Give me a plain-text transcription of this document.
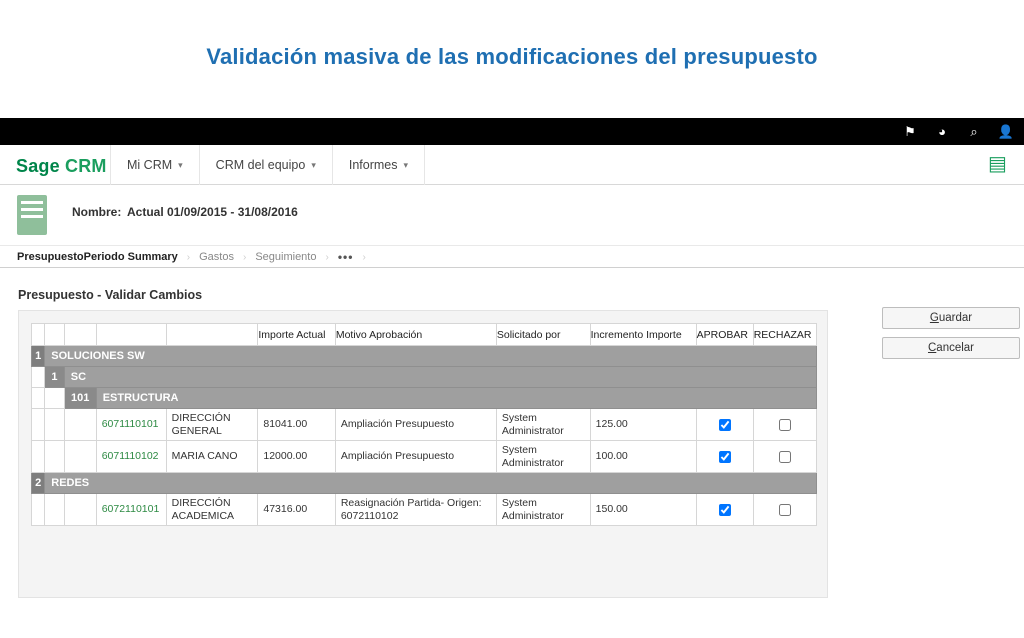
Validación masiva de las modificaciones del presupuesto
⚑	◕	⌕	👤
Sage CRM Mi CRM ▾	CRM del equipo ▾	Informes ▾	▤
Nombre: Actual 01/09/2015 - 31/08/2016
PresupuestoPeriodo Summary › Gastos › Seguimiento › ••• ›
Presupuesto - Validar Cambios
Guardar
Cancelar
					Importe Actual	Motivo Aprobación	Solicitado por	Incremento Importe	APROBAR	RECHAZAR
1	SOLUCIONES SW									
	1	SC								
		101	ESTRUCTURA							
			6071110101	DIRECCIÓN GENERAL	81041.00	Ampliación Presupuesto	System Administrator	125.00		
			6071110102	MARIA CANO	12000.00	Ampliación Presupuesto	System Administrator	100.00		
2	REDES									
			6072110101	DIRECCIÓN ACADEMICA	47316.00	Reasignación Partida- Origen: 6072110102	System Administrator	150.00		
